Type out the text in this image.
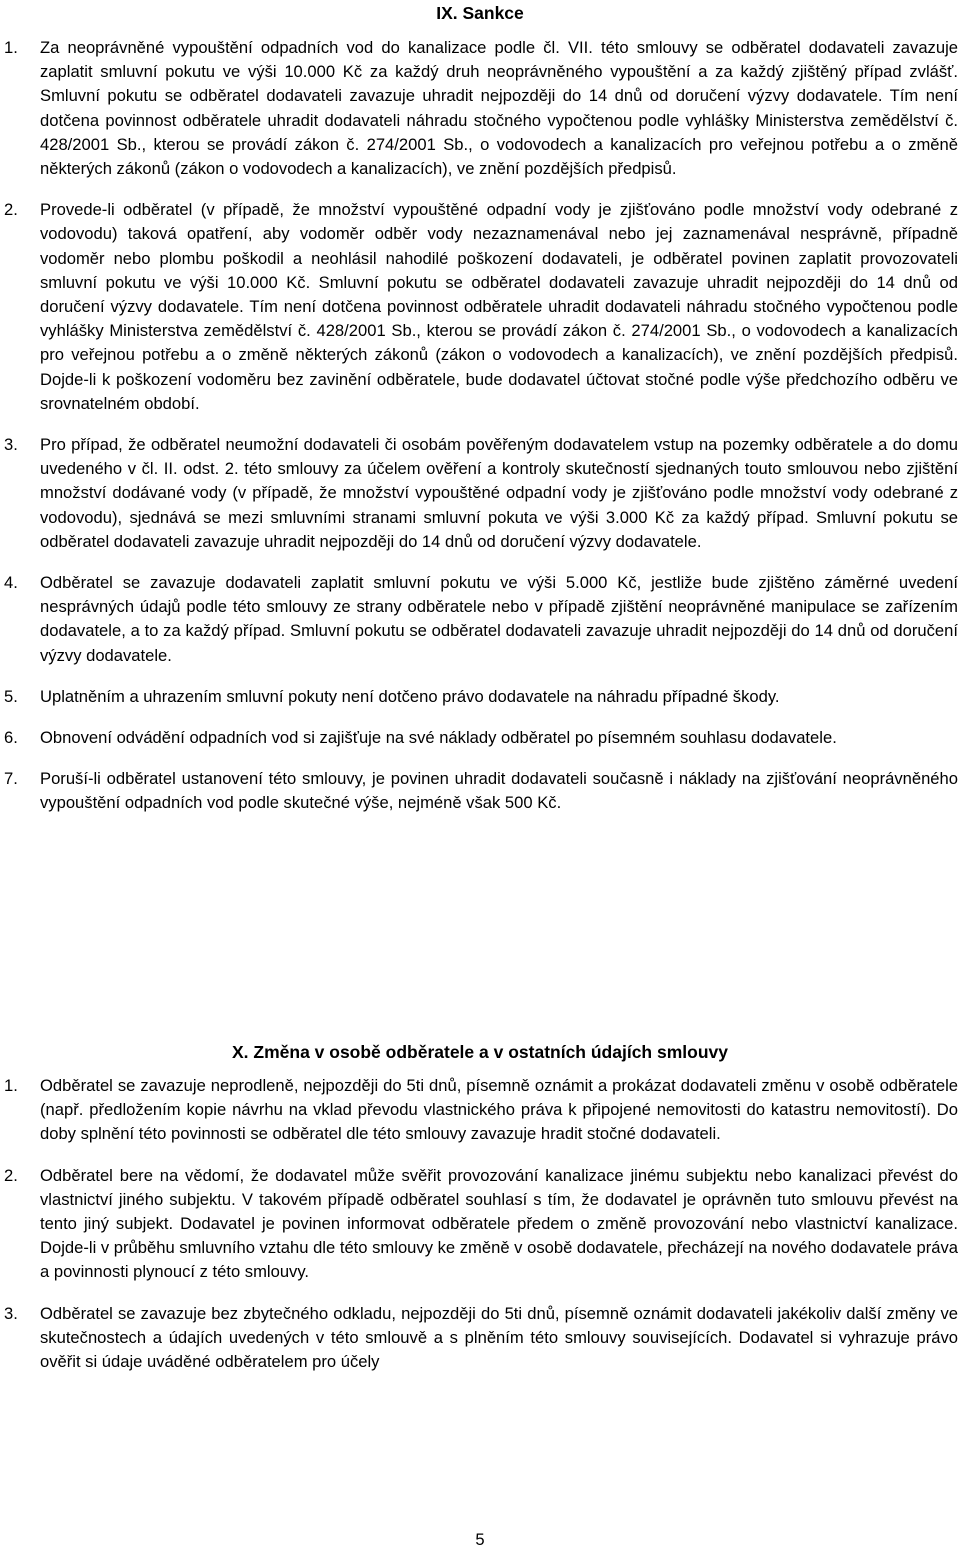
IX. Sankce
1. Za neoprávněné vypouštění odpadních vod do kanalizace podle čl. VII. této smlouvy se odběratel dodavateli zavazuje zaplatit smluvní pokutu ve výši 10.000 Kč za každý druh neoprávněného vypouštění a za každý zjištěný případ zvlášť. Smluvní pokutu se odběratel dodavateli zavazuje uhradit nejpozději do 14 dnů od doručení výzvy dodavatele. Tím není dotčena povinnost odběratele uhradit dodavateli náhradu stočného vypočtenou podle vyhlášky Ministerstva zemědělství č. 428/2001 Sb., kterou se provádí zákon č. 274/2001 Sb., o vodovodech a kanalizacích pro veřejnou potřebu a o změně některých zákonů (zákon o vodovodech a kanalizacích), ve znění pozdějších předpisů.
2. Provede-li odběratel (v případě, že množství vypouštěné odpadní vody je zjišťováno podle množství vody odebrané z vodovodu) taková opatření, aby vodoměr odběr vody nezaznamenával nebo jej zaznamenával nesprávně, případně vodoměr nebo plombu poškodil a neohlásil nahodilé poškození dodavateli, je odběratel povinen zaplatit provozovateli smluvní pokutu ve výši 10.000 Kč. Smluvní pokutu se odběratel dodavateli zavazuje uhradit nejpozději do 14 dnů od doručení výzvy dodavatele. Tím není dotčena povinnost odběratele uhradit dodavateli náhradu stočného vypočtenou podle vyhlášky Ministerstva zemědělství č. 428/2001 Sb., kterou se provádí zákon č. 274/2001 Sb., o vodovodech a kanalizacích pro veřejnou potřebu a o změně některých zákonů (zákon o vodovodech a kanalizacích), ve znění pozdějších předpisů. Dojde-li k poškození vodoměru bez zavinění odběratele, bude dodavatel účtovat stočné podle výše předchozího odběru ve srovnatelném období.
3. Pro případ, že odběratel neumožní dodavateli či osobám pověřeným dodavatelem vstup na pozemky odběratele a do domu uvedeného v čl. II. odst. 2. této smlouvy za účelem ověření a kontroly skutečností sjednaných touto smlouvou nebo zjištění množství dodávané vody (v případě, že množství vypouštěné odpadní vody je zjišťováno podle množství vody odebrané z vodovodu), sjednává se mezi smluvními stranami smluvní pokuta ve výši 3.000 Kč za každý případ. Smluvní pokutu se odběratel dodavateli zavazuje uhradit nejpozději do 14 dnů od doručení výzvy dodavatele.
4. Odběratel se zavazuje dodavateli zaplatit smluvní pokutu ve výši 5.000 Kč, jestliže bude zjištěno záměrné uvedení nesprávných údajů podle této smlouvy ze strany odběratele nebo v případě zjištění neoprávněné manipulace se zařízením dodavatele, a to za každý případ. Smluvní pokutu se odběratel dodavateli zavazuje uhradit nejpozději do 14 dnů od doručení výzvy dodavatele.
5. Uplatněním a uhrazením smluvní pokuty není dotčeno právo dodavatele na náhradu případné škody.
6. Obnovení odvádění odpadních vod si zajišťuje na své náklady odběratel po písemném souhlasu dodavatele.
7. Poruší-li odběratel ustanovení této smlouvy, je povinen uhradit dodavateli současně i náklady na zjišťování neoprávněného vypouštění odpadních vod podle skutečné výše, nejméně však 500 Kč.
X. Změna v osobě odběratele a v ostatních údajích smlouvy
1. Odběratel se zavazuje neprodleně, nejpozději do 5ti dnů, písemně oznámit a prokázat dodavateli změnu v osobě odběratele (např. předložením kopie návrhu na vklad převodu vlastnického práva k připojené nemovitosti do katastru nemovitostí). Do doby splnění této povinnosti se odběratel dle této smlouvy zavazuje hradit stočné dodavateli.
2. Odběratel bere na vědomí, že dodavatel může svěřit provozování kanalizace jinému subjektu nebo kanalizaci převést do vlastnictví jiného subjektu. V takovém případě odběratel souhlasí s tím, že dodavatel je oprávněn tuto smlouvu převést na tento jiný subjekt. Dodavatel je povinen informovat odběratele předem o změně provozování nebo vlastnictví kanalizace. Dojde-li v průběhu smluvního vztahu dle této smlouvy ke změně v osobě dodavatele, přecházejí na nového dodavatele práva a povinnosti plynoucí z této smlouvy.
3. Odběratel se zavazuje bez zbytečného odkladu, nejpozději do 5ti dnů, písemně oznámit dodavateli jakékoliv další změny ve skutečnostech a údajích uvedených v této smlouvě a s plněním této smlouvy souvisejících. Dodavatel si vyhrazuje právo ověřit si údaje uváděné odběratelem pro účely
5
